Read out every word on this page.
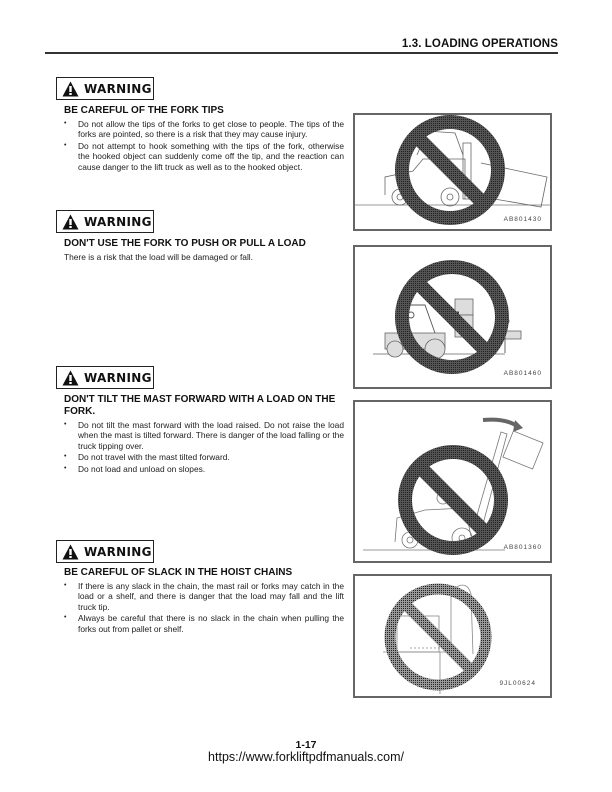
1.3. LOADING OPERATIONS
WARNING
BE CAREFUL OF THE FORK TIPS
• Do not allow the tips of the forks to get close to people. The tips of the forks are pointed, so there is a risk that they may cause injury.
• Do not attempt to hook something with the tips of the fork, otherwise the hooked object can suddenly come off the tip, and the reaction can cause danger to the lift truck as well as to the hooked object.
AB801430
WARNING
DON'T USE THE FORK TO PUSH OR PULL A LOAD
There is a risk that the load will be damaged or fall.
AB801460
WARNING
DON'T TILT THE MAST FORWARD WITH A LOAD ON THE FORK.
• Do not tilt the mast forward with the load raised. Do not raise the load when the mast is tilted forward. There is danger of the load falling or the truck tipping over.
• Do not travel with the mast tilted forward.
• Do not load and unload on slopes.
AB801360
WARNING
BE CAREFUL OF SLACK IN THE HOIST CHAINS
• If there is any slack in the chain, the mast rail or forks may catch in the load or a shelf, and there is danger that the load may fall and the lift truck tip.
• Always be careful that there is no slack in the chain when pulling the forks out from pallet or shelf.
9JL00624
1-17
https://www.forkliftpdfmanuals.com/
